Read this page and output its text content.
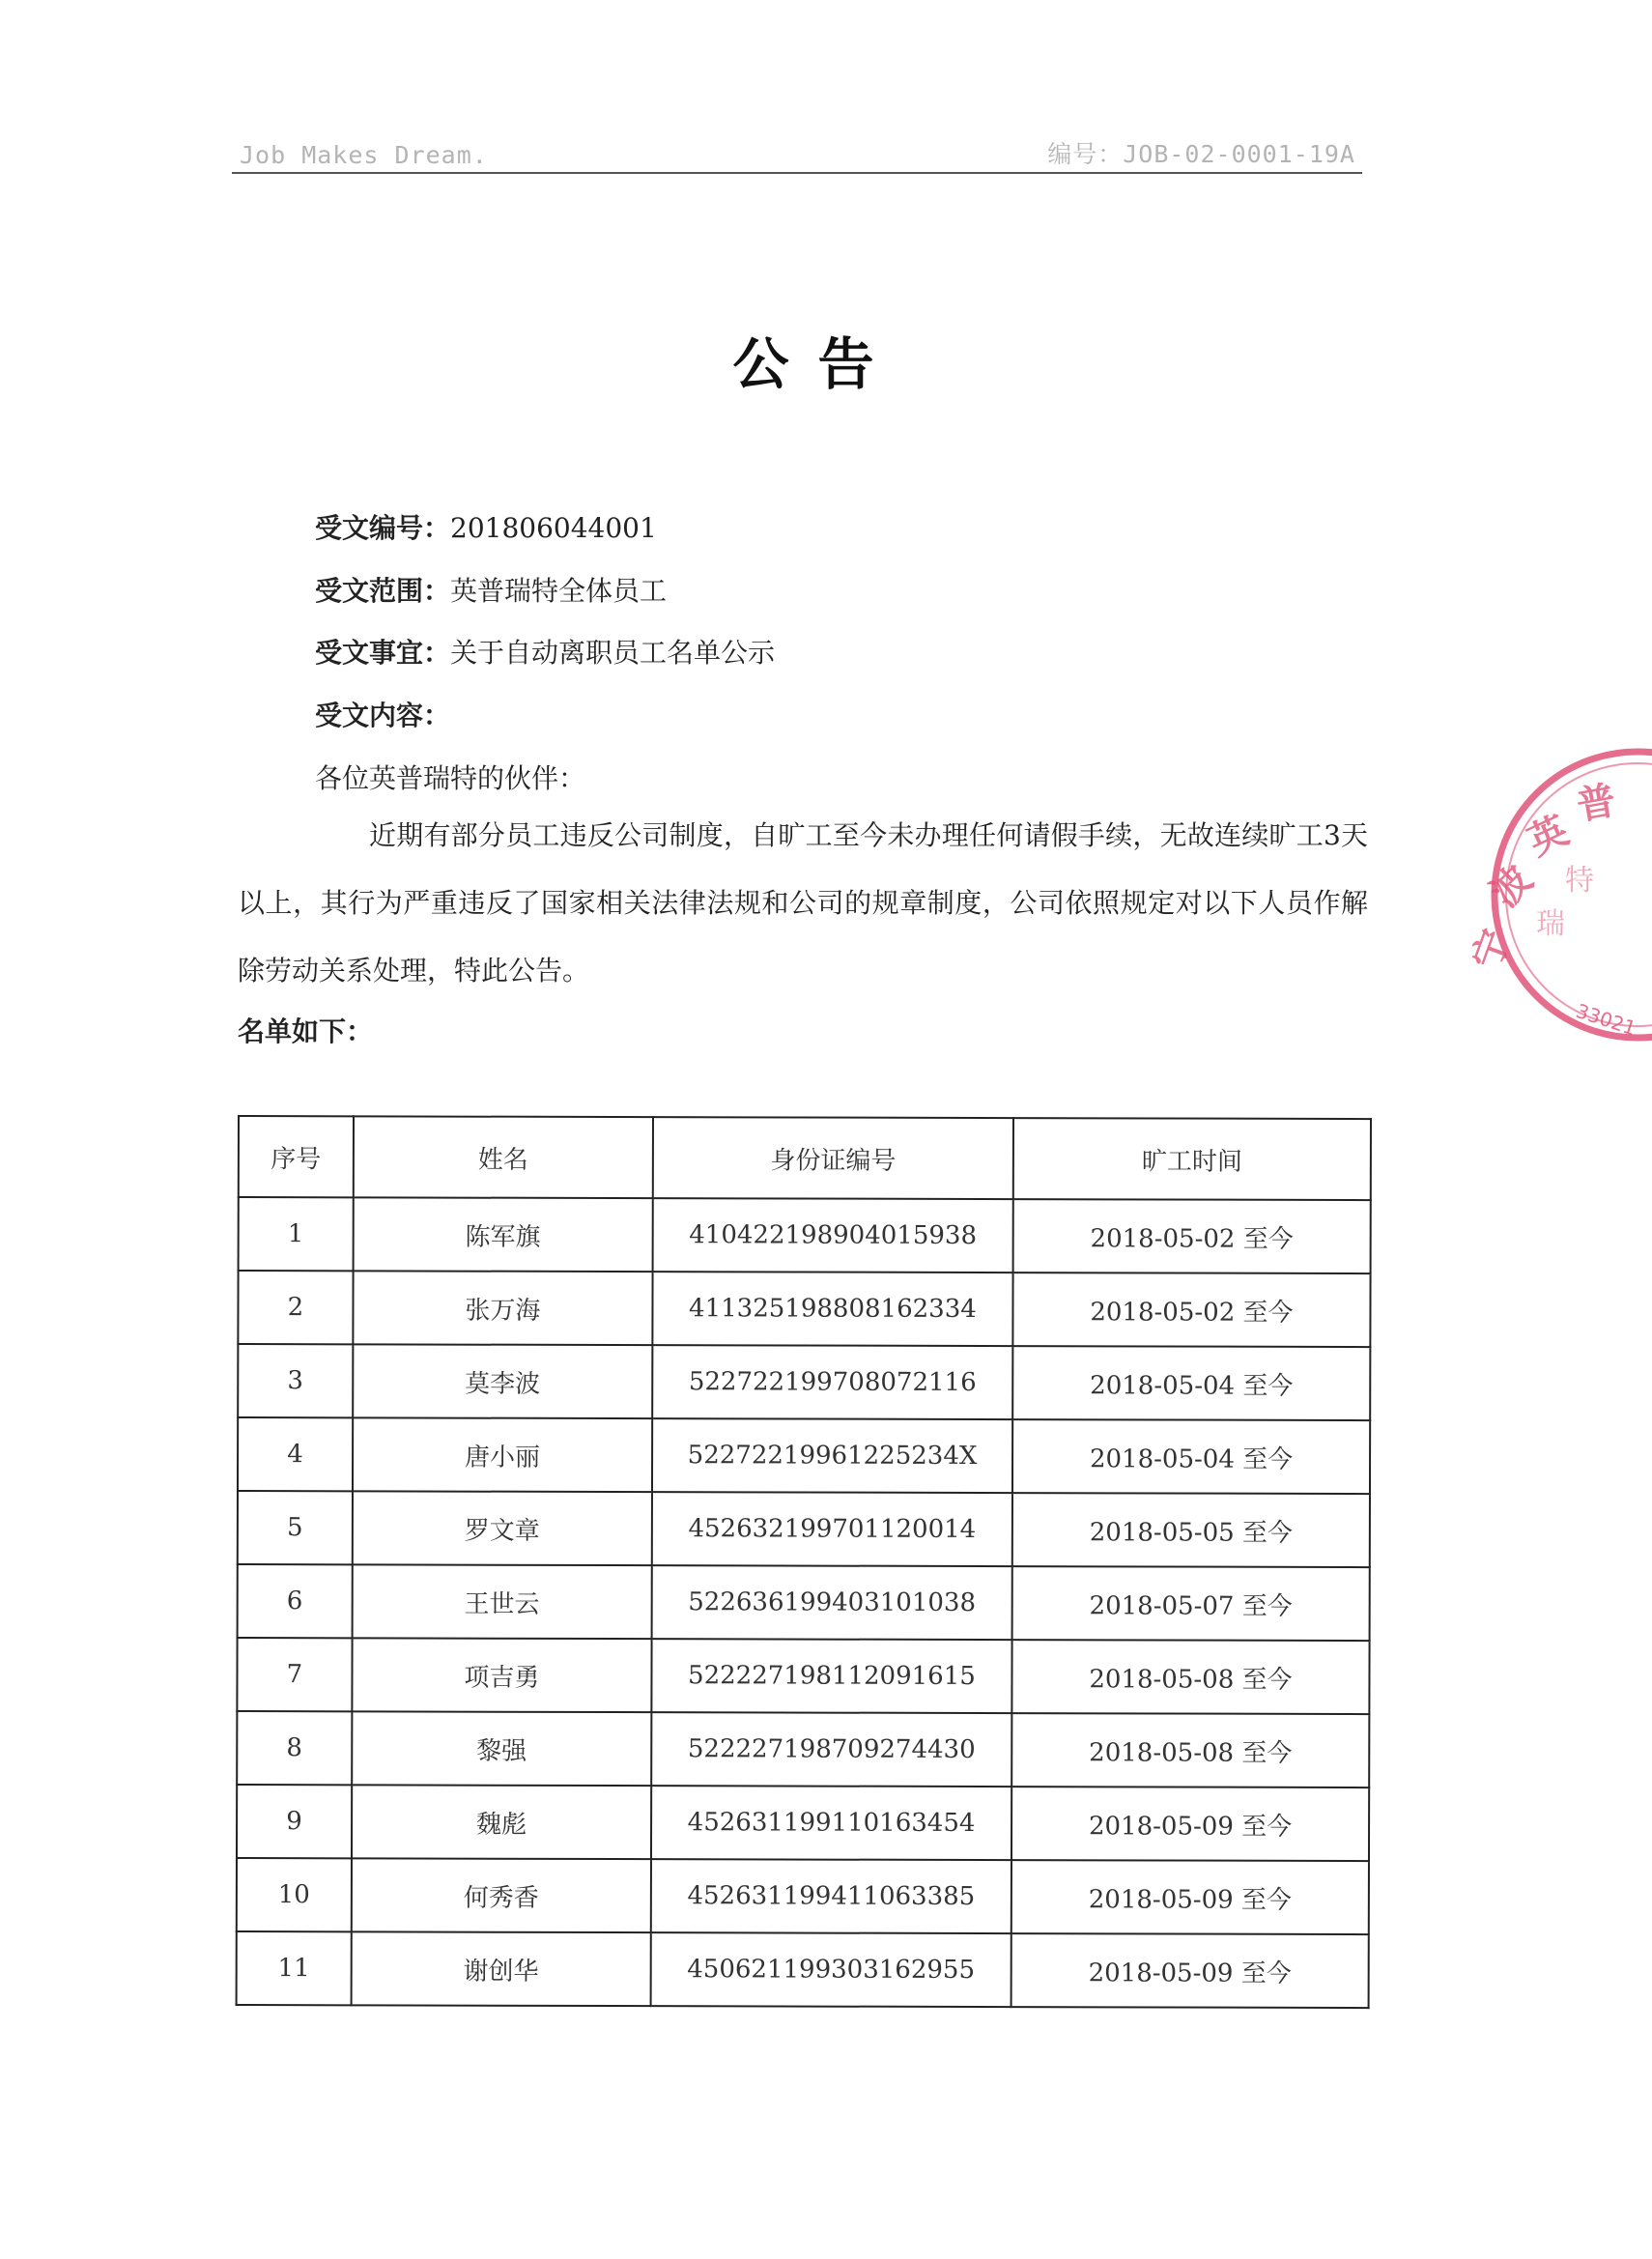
Job Makes Dream.	编号：JOB-02-0001-19A
公告
受文编号：201806044001
受文范围：英普瑞特全体员工
受文事宜：关于自动离职员工名单公示
受文内容：
各位英普瑞特的伙伴：
近期有部分员工违反公司制度，自旷工至今未办理任何请假手续，无故连续旷工3天以上，其行为严重违反了国家相关法律法规和公司的规章制度，公司依照规定对以下人员作解除劳动关系处理，特此公告。
名单如下：
宁
波
英
普
瑞
特
33021
序号	姓名	身份证编号	旷工时间
1	陈军旗	410422198904015938	2018-05-02 至今
2	张万海	411325198808162334	2018-05-02 至今
3	莫李波	522722199708072116	2018-05-04 至今
4	唐小丽	52272219961225234X	2018-05-04 至今
5	罗文章	452632199701120014	2018-05-05 至今
6	王世云	522636199403101038	2018-05-07 至今
7	项吉勇	522227198112091615	2018-05-08 至今
8	黎强	522227198709274430	2018-05-08 至今
9	魏彪	452631199110163454	2018-05-09 至今
10	何秀香	452631199411063385	2018-05-09 至今
11	谢创华	450621199303162955	2018-05-09 至今
